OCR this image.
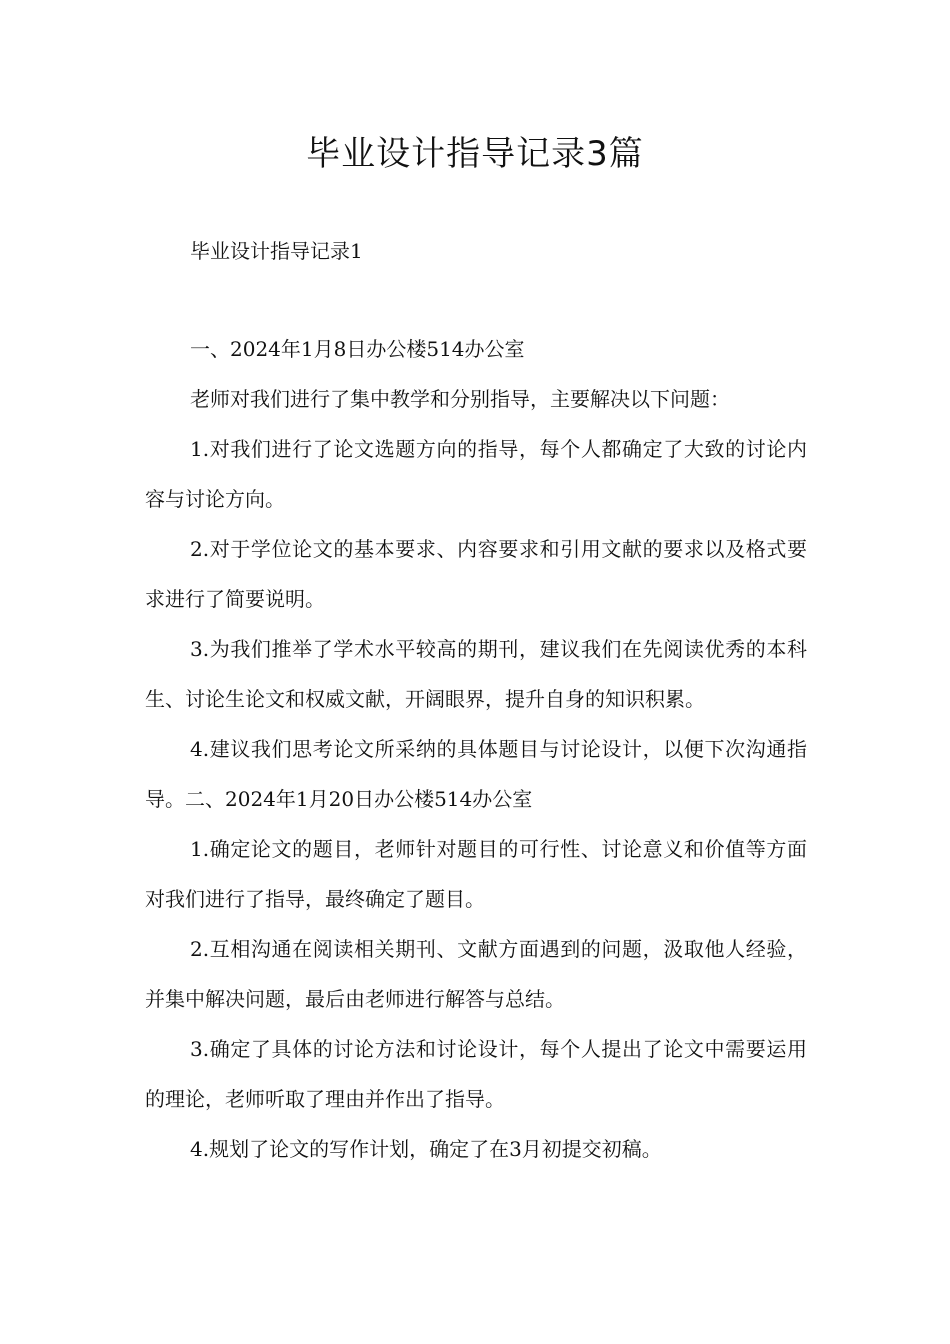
毕业设计指导记录3篇

毕业设计指导记录1

一、2024年1月8日办公楼514办公室

老师对我们进行了集中教学和分别指导，主要解决以下问题：

1.对我们进行了论文选题方向的指导，每个人都确定了大致的讨论内容与讨论方向。

2.对于学位论文的基本要求、内容要求和引用文献的要求以及格式要求进行了简要说明。

3.为我们推举了学术水平较高的期刊，建议我们在先阅读优秀的本科生、讨论生论文和权威文献，开阔眼界，提升自身的知识积累。

4.建议我们思考论文所采纳的具体题目与讨论设计，以便下次沟通指导。二、2024年1月20日办公楼514办公室

1.确定论文的题目，老师针对题目的可行性、讨论意义和价值等方面对我们进行了指导，最终确定了题目。

2.互相沟通在阅读相关期刊、文献方面遇到的问题，汲取他人经验，并集中解决问题，最后由老师进行解答与总结。

3.确定了具体的讨论方法和讨论设计，每个人提出了论文中需要运用的理论，老师听取了理由并作出了指导。

4.规划了论文的写作计划，确定了在3月初提交初稿。
